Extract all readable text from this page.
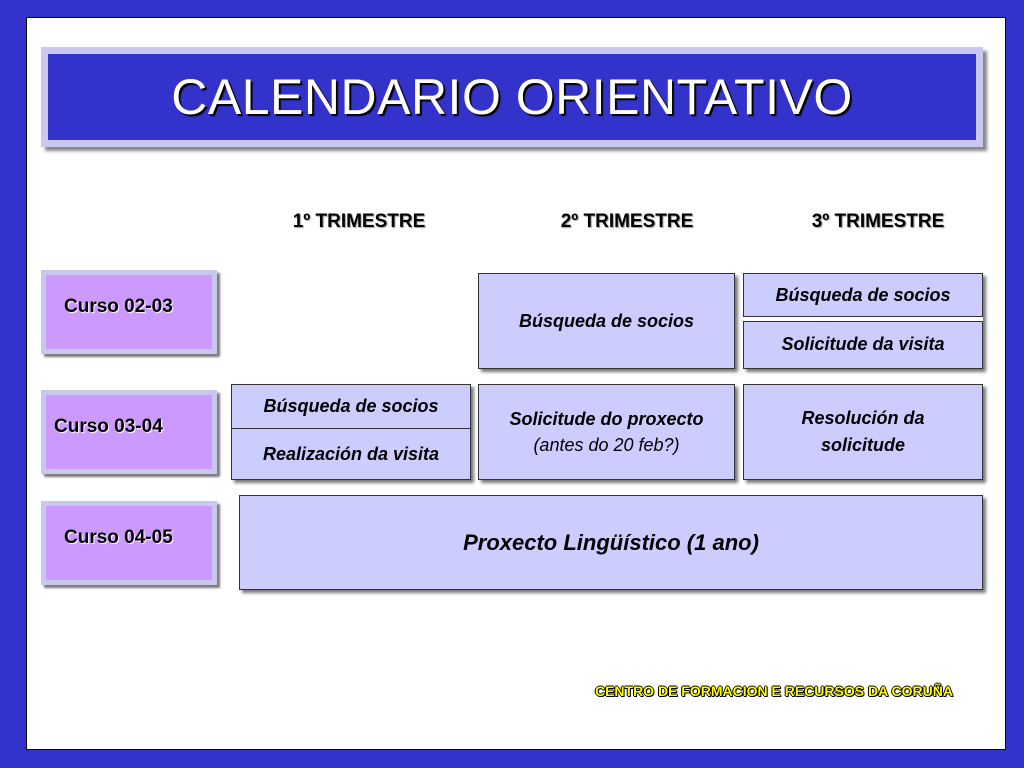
CALENDARIO ORIENTATIVO
1º TRIMESTRE	2º TRIMESTRE	3º TRIMESTRE
Curso 02-03
Curso 03-04
Curso 04-05
Búsqueda de socios
Búsqueda de socios
Solicitude da visita
Búsqueda de socios
Realización da visita
Solicitude do proxecto
(antes do 20 feb?)
Resolución da
solicitude
Proxecto Lingüístico (1 ano)
CENTRO DE FORMACION E RECURSOS DA CORUÑA
